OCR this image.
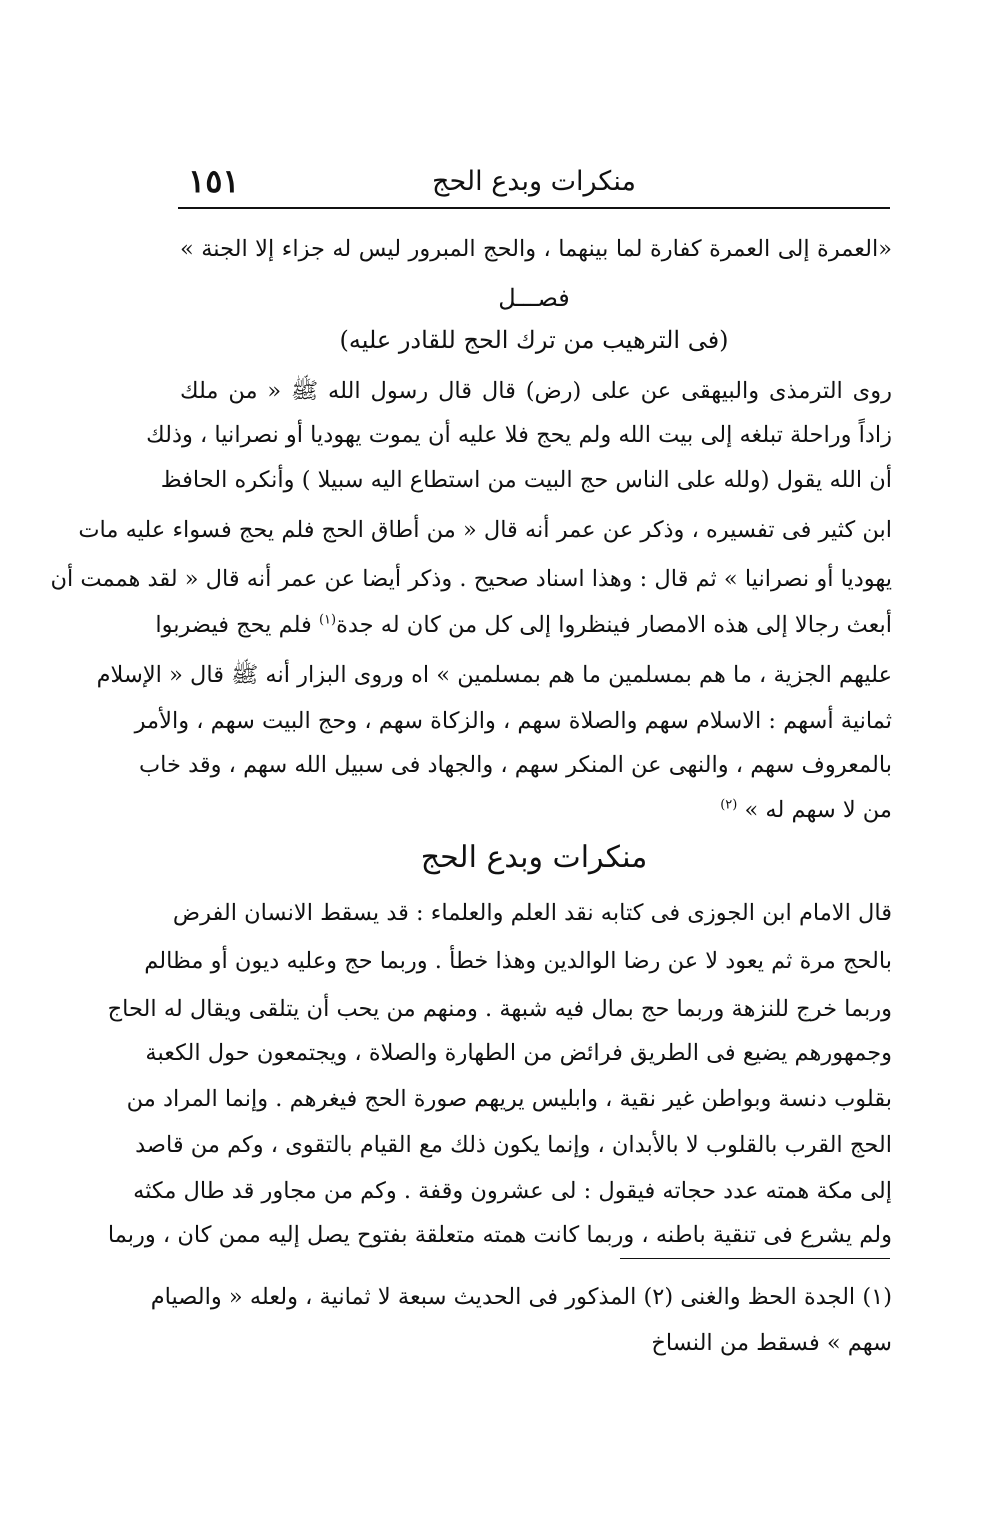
١٥١	منكرات وبدع الحج
«العمرة إلى العمرة كفارة لما بينهما ، والحج المبرور ليس له جزاء إلا الجنة »
فصـــل
(فى الترهيب من ترك الحج للقادر عليه)
روى الترمذى والبيهقى عن على (رض) قال قال رسول الله ﷺ « من ملك
زاداً وراحلة تبلغه إلى بيت الله ولم يحج فلا عليه أن يموت يهوديا أو نصرانيا ، وذلك
أن الله يقول (ولله على الناس حج البيت من استطاع اليه سبيلا ) وأنكره الحافظ
ابن كثير فى تفسيره ، وذكر عن عمر أنه قال « من أطاق الحج فلم يحج فسواء عليه مات
يهوديا أو نصرانيا » ثم قال : وهذا اسناد صحيح . وذكر أيضا عن عمر أنه قال « لقد هممت أن
أبعث رجالا إلى هذه الامصار فينظروا إلى كل من كان له جدة$^{(١)}$ فلم يحج فيضربوا
عليهم الجزية ، ما هم بمسلمين ما هم بمسلمين » اه وروى البزار أنه ﷺ قال « الإسلام
ثمانية أسهم : الاسلام سهم والصلاة سهم ، والزكاة سهم ، وحج البيت سهم ، والأمر
بالمعروف سهم ، والنهى عن المنكر سهم ، والجهاد فى سبيل الله سهم ، وقد خاب
من لا سهم له » $^{(٢)}$
منكرات وبدع الحج
قال الامام ابن الجوزى فى كتابه نقد العلم والعلماء : قد يسقط الانسان الفرض
بالحج مرة ثم يعود لا عن رضا الوالدين وهذا خطأ . وربما حج وعليه ديون أو مظالم
وربما خرج للنزهة وربما حج بمال فيه شبهة . ومنهم من يحب أن يتلقى ويقال له الحاج
وجمهورهم يضيع فى الطريق فرائض من الطهارة والصلاة ، ويجتمعون حول الكعبة
بقلوب دنسة وبواطن غير نقية ، وابليس يريهم صورة الحج فيغرهم . وإنما المراد من
الحج القرب بالقلوب لا بالأبدان ، وإنما يكون ذلك مع القيام بالتقوى ، وكم من قاصد
إلى مكة همته عدد حجاته فيقول : لى عشرون وقفة . وكم من مجاور قد طال مكثه
ولم يشرع فى تنقية باطنه ، وربما كانت همته متعلقة بفتوح يصل إليه ممن كان ، وربما
(١) الجدة الحظ والغنى (٢) المذكور فى الحديث سبعة لا ثمانية ، ولعله « والصيام
سهم » فسقط من النساخ
